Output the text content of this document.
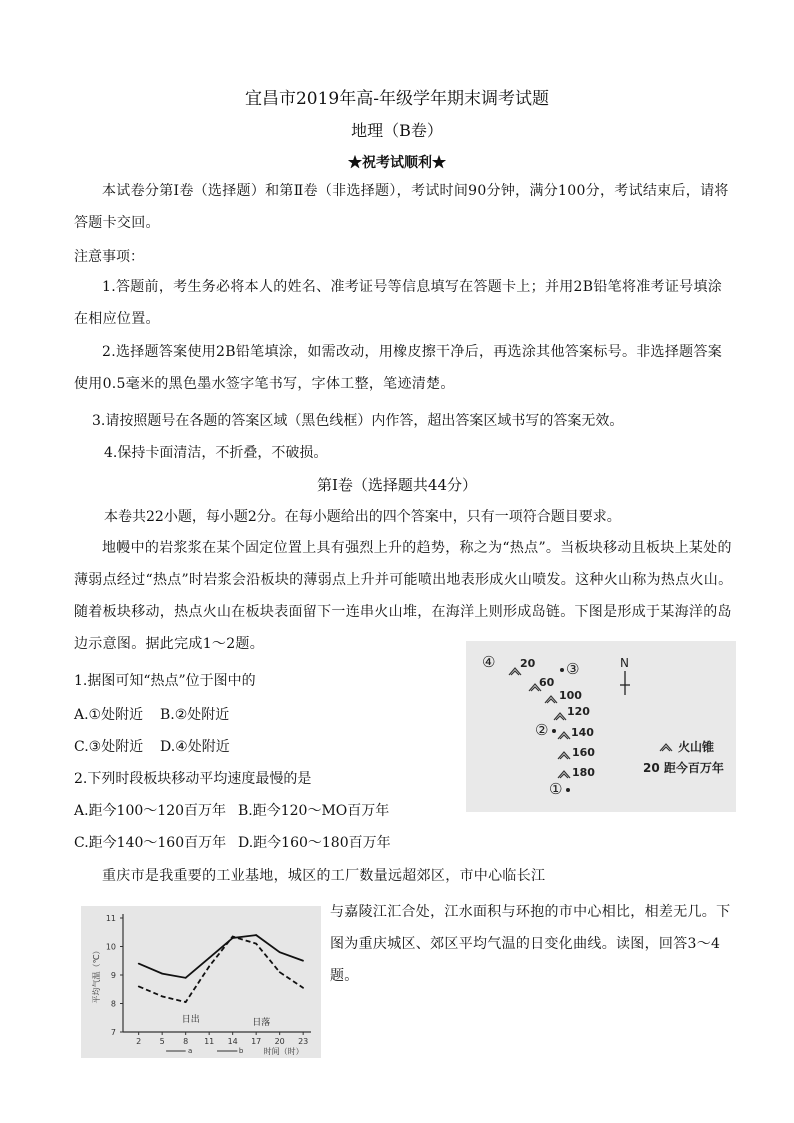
宜昌市2019年高-年级学年期末调考试题
地理（B卷）
★祝考试顺利★
本试卷分第Ⅰ卷（选择题）和第Ⅱ卷（非选择题），考试时间90分钟，满分100分，考试结束后，请将答题卡交回。
注意事项：
1.答题前，考生务必将本人的姓名、准考证号等信息填写在答题卡上；并用2B铅笔将准考证号填涂在相应位置。
2.选择题答案使用2B铅笔填涂，如需改动，用橡皮擦干净后，再选涂其他答案标号。非选择题答案使用0.5毫米的黑色墨水签字笔书写，字体工整，笔迹清楚。
3.请按照题号在各题的答案区域（黑色线框）内作答，超出答案区域书写的答案无效。
4.保持卡面清洁，不折叠，不破损。
第Ⅰ卷（选择题共44分）
本卷共22小题，每小题2分。在每小题给出的四个答案中，只有一项符合题目要求。
地幔中的岩浆浆在某个固定位置上具有强烈上升的趋势，称之为“热点”。当板块移动且板块上某处的薄弱点经过“热点”时岩浆会沿板块的薄弱点上升并可能喷出地表形成火山喷发。这种火山称为热点火山。随着板块移动，热点火山在板块表面留下一连串火山堆，在海洋上则形成岛链。下图是形成于某海洋的岛边示意图。据此完成1～2题。
④	③
②
①
20
60
100
120
140
160
180
N
火山锥
20 距今百万年
1.据图可知“热点”位于图中的
A.①处附近 B.②处附近
C.③处附近 D.④处附近
2.下列时段板块移动平均速度最慢的是
A.距今100～120百万年 B.距今120～MO百万年
C.距今140～160百万年 D.距今160～180百万年
重庆市是我重要的工业基地，城区的工厂数量远超郊区，市中心临长江
与嘉陵江汇合处，江水面积与环抱的市中心相比，相差无几。下图为重庆城区、郊区平均气温的日变化曲线。读图，回答3～4题。
7
8
9
10
11
2 5 8 11 14 17 20 23
平均气温（℃）
时间（时）
日出	日落
a	b
